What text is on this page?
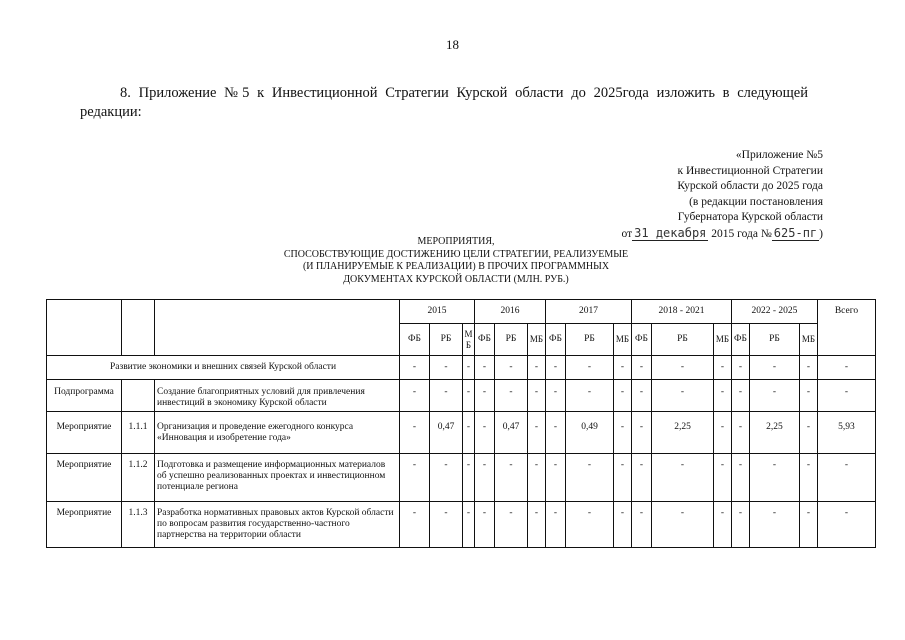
18
8. Приложение №5 к Инвестиционной Стратегии Курской области до 2025года изложить в следующей редакции:
«Приложение №5
к Инвестиционной Стратегии
Курской области до 2025 года
(в редакции постановления
Губернатора Курской области
от 31 декабря 2015 года № 625-пг )
МЕРОПРИЯТИЯ,
СПОСОБСТВУЮЩИЕ ДОСТИЖЕНИЮ ЦЕЛИ СТРАТЕГИИ, РЕАЛИЗУЕМЫЕ
(И ПЛАНИРУЕМЫЕ К РЕАЛИЗАЦИИ) В ПРОЧИХ ПРОГРАММНЫХ
ДОКУМЕНТАХ КУРСКОЙ ОБЛАСТИ (МЛН. РУБ.)
			2015			2016			2017			2018 - 2021			2022 - 2025			Всего
			ФБ	РБ	МБ	ФБ	РБ	МБ	ФБ	РБ	МБ	ФБ	РБ	МБ	ФБ	РБ	МБ	
Развитие экономики и внешних связей Курской области			-	-	-	-	-	-	-	-	-	-	-	-	-	-	-	-
Подпрограмма		Создание благоприятных условий для привлечения инвестиций в экономику Курской области	-	-	-	-	-	-	-	-	-	-	-	-	-	-	-	-
Мероприятие	1.1.1	Организация и проведение ежегодного конкурса «Инновация и изобретение года»	-	0,47	-	-	0,47	-	-	0,49	-	-	2,25	-	-	2,25	-	5,93
Мероприятие	1.1.2	Подготовка и размещение информационных материалов об успешно реализованных проектах и инвестиционном потенциале региона	-	-	-	-	-	-	-	-	-	-	-	-	-	-	-	-
Мероприятие	1.1.3	Разработка нормативных правовых актов Курской области по вопросам развития государственно-частного партнерства на территории области	-	-	-	-	-	-	-	-	-	-	-	-	-	-	-	-
